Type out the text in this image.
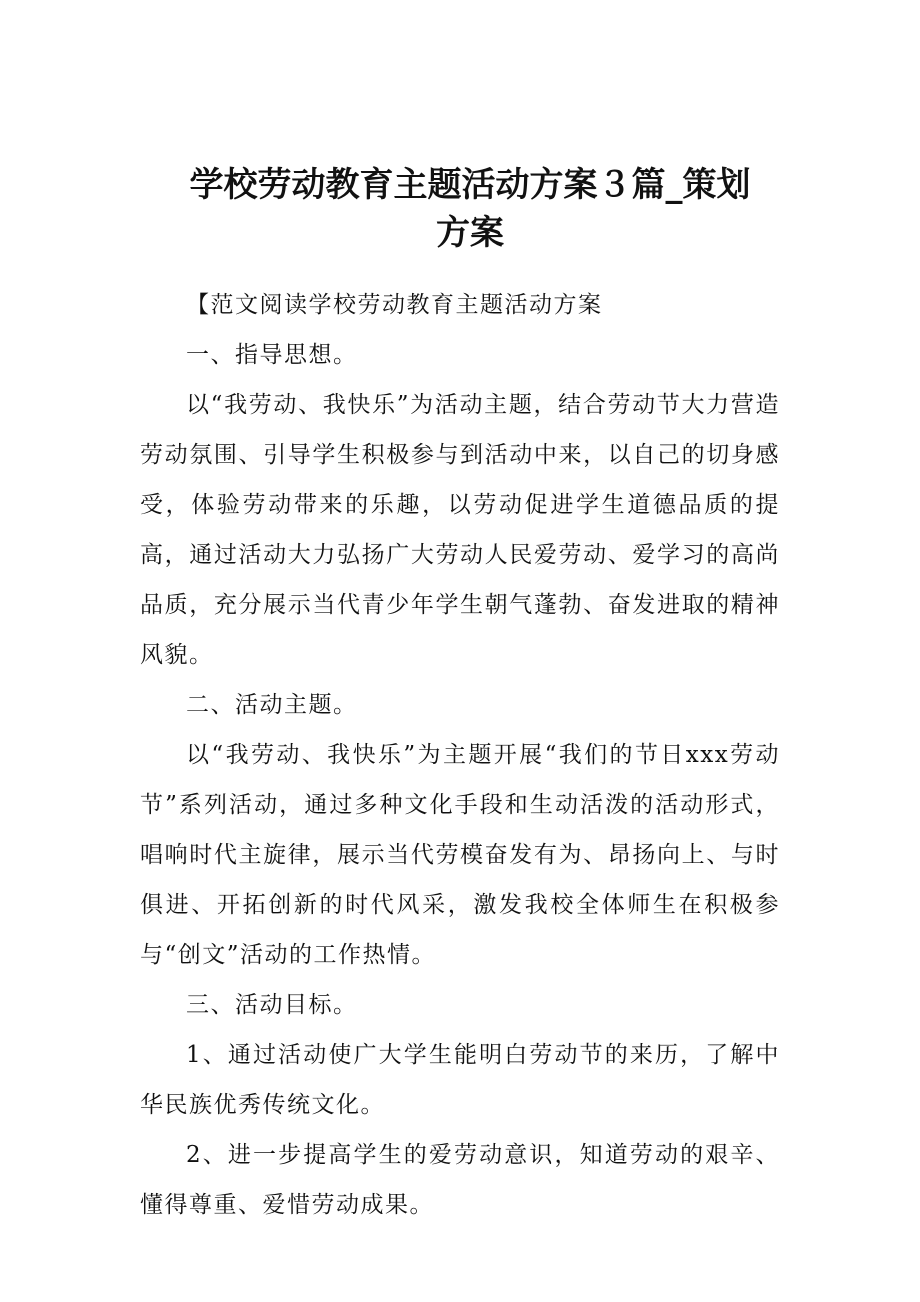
学校劳动教育主题活动方案３篇_策划
方案

【范文阅读学校劳动教育主题活动方案

一、指导思想。

以“我劳动、我快乐”为活动主题，结合劳动节大力营造劳动氛围、引导学生积极参与到活动中来，以自己的切身感受，体验劳动带来的乐趣，以劳动促进学生道德品质的提高，通过活动大力弘扬广大劳动人民爱劳动、爱学习的高尚品质，充分展示当代青少年学生朝气蓬勃、奋发进取的精神风貌。

二、活动主题。

以“我劳动、我快乐”为主题开展“我们的节日xxx劳动节”系列活动，通过多种文化手段和生动活泼的活动形式，唱响时代主旋律，展示当代劳模奋发有为、昂扬向上、与时俱进、开拓创新的时代风采，激发我校全体师生在积极参与“创文”活动的工作热情。

三、活动目标。

1、通过活动使广大学生能明白劳动节的来历，了解中华民族优秀传统文化。

2、进一步提高学生的爱劳动意识，知道劳动的艰辛、懂得尊重、爱惜劳动成果。
